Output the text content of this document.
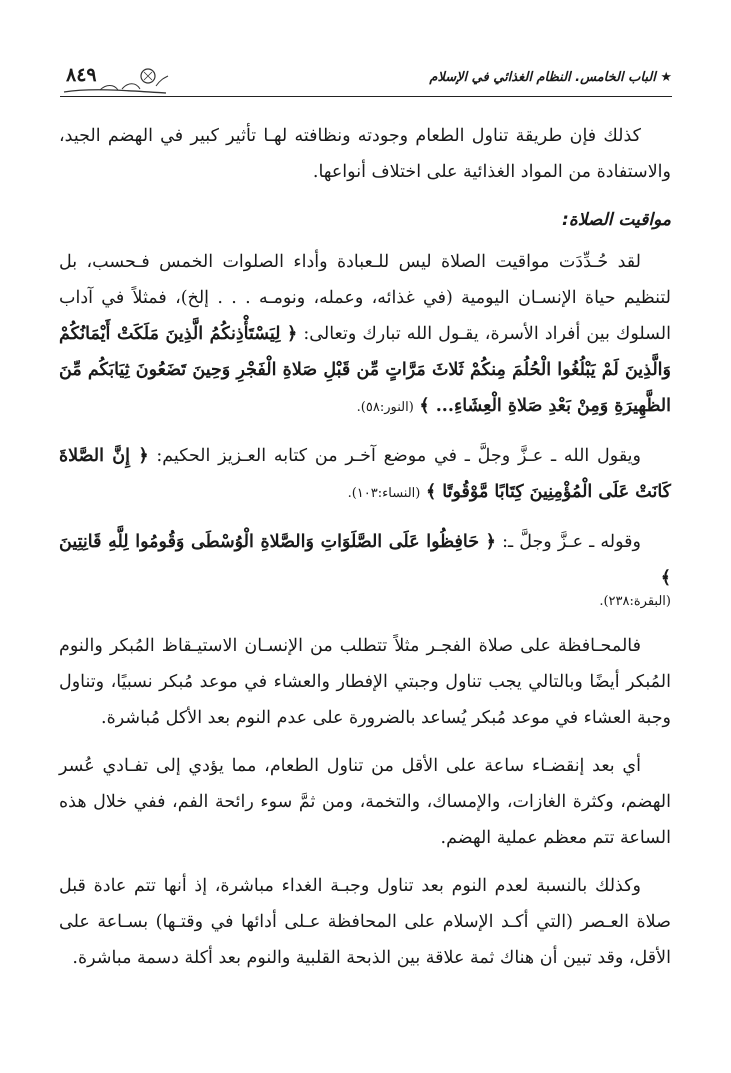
★ الباب الخامس. النظام الغذائي في الإسلام
٨٤٩

كذلك فإن طريقة تناول الطعام وجودته ونظافته لهـا تأثير كبير في الهضم الجيد، والاستفادة من المواد الغذائية على اختلاف أنواعها.

مواقيت الصلاة:

لقد حُـدِّدَت مواقيت الصلاة ليس للـعبادة وأداء الصلوات الخمس فـحسب، بل لتنظيم حياة الإنسـان اليومية (في غذائه، وعمله، ونومـه . . . إلخ)، فمثلاً في آداب السلوك بين أفراد الأسرة، يقـول الله تبارك وتعالى: ﴿ لِيَسْتَأْذِنكُمُ الَّذِينَ مَلَكَتْ أَيْمَانُكُمْ وَالَّذِينَ لَمْ يَبْلُغُوا الْحُلُمَ مِنكُمْ ثَلاثَ مَرَّاتٍ مِّن قَبْلِ صَلاةِ الْفَجْرِ وَحِينَ تَضَعُونَ ثِيَابَكُم مِّنَ الظَّهِيرَةِ وَمِنْ بَعْدِ صَلاةِ الْعِشَاءِ... ﴾ (النور:٥٨).

ويقول الله ـ عـزَّ وجلَّ ـ في موضع آخـر من كتابه العـزيز الحكيم: ﴿ إِنَّ الصَّلاةَ كَانَتْ عَلَى الْمُؤْمِنِينَ كِتَابًا مَّوْقُوتًا ﴾ (النساء:١٠٣).

وقوله ـ عـزَّ وجلَّ ـ: ﴿ حَافِظُوا عَلَى الصَّلَوَاتِ وَالصَّلاةِ الْوُسْطَى وَقُومُوا لِلَّهِ قَانِتِينَ ﴾

(البقرة:٢٣٨).

فالمحـافظة على صلاة الفجـر مثلاً تتطلب من الإنسـان الاستيـقاظ المُبكر والنوم المُبكر أيضًا وبالتالي يجب تناول وجبتي الإفطار والعشاء في موعد مُبكر نسبيًا، وتناول وجبة العشاء في موعد مُبكر يُساعد بالضرورة على عدم النوم بعد الأكل مُباشرة.

أي بعد إنقضـاء ساعة على الأقل من تناول الطعام، مما يؤدي إلى تفـادي عُسر الهضم، وكثرة الغازات، والإمساك، والتخمة، ومن ثمَّ سوء رائحة الفم، ففي خلال هذه الساعة تتم معظم عملية الهضم.

وكذلك بالنسبة لعدم النوم بعد تناول وجبـة الغداء مباشرة، إذ أنها تتم عادة قبل صلاة العـصر (التي أكـد الإسلام على المحافظة عـلى أدائها في وقتـها) بسـاعة على الأقل، وقد تبين أن هناك ثمة علاقة بين الذبحة القلبية والنوم بعد أكلة دسمة مباشرة.
